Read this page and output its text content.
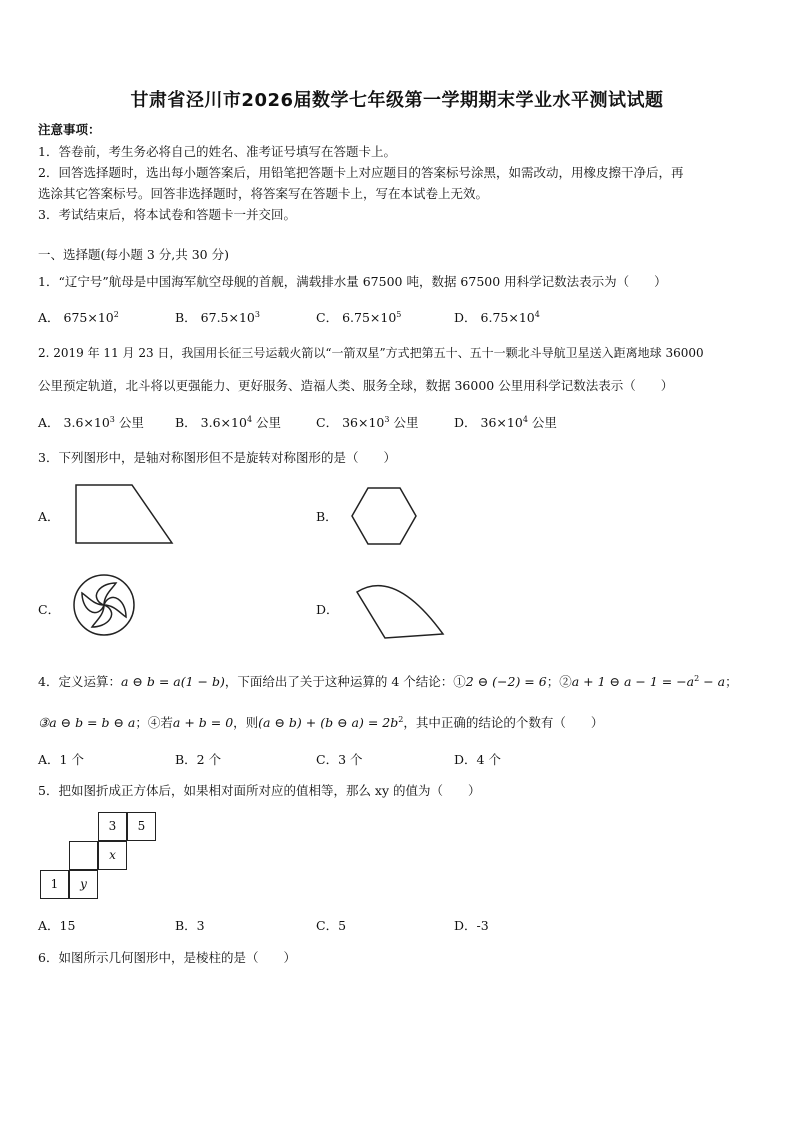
甘肃省泾川市2026届数学七年级第一学期期末学业水平测试试题
注意事项：
1．答卷前，考生务必将自己的姓名、准考证号填写在答题卡上。
2．回答选择题时，选出每小题答案后，用铅笔把答题卡上对应题目的答案标号涂黑，如需改动，用橡皮擦干净后，再
选涂其它答案标号。回答非选择题时，将答案写在答题卡上，写在本试卷上无效。
3．考试结束后，将本试卷和答题卡一并交回。
一、选择题(每小题 3 分,共 30 分)
1．“辽宁号”航母是中国海军航空母舰的首舰，满载排水量 67500 吨，数据 67500 用科学记数法表示为（　　）
A． $675\times 10^2$	B． $67.5\times 10^3$	C． $6.75\times 10^5$	D． $6.75\times 10^4$
2. 2019 年 11 月 23 日，我国用长征三号运载火箭以“一箭双星”方式把第五十、五十一颗北斗导航卫星送入距离地球 36000
公里预定轨道，北斗将以更强能力、更好服务、造福人类、服务全球，数据 36000 公里用科学记数法表示（　　）
A． $3.6\times 10^3$ 公里 B． $3.6\times 10^4$ 公里	C． $36\times 10^3$ 公里	D． $36\times 10^4$ 公里
3．下列图形中，是轴对称图形但不是旋转对称图形的是（　　）
A．	B．
C．	D．
4．定义运算：a ⊖ b = a(1 − b)，下面给出了关于这种运算的 4 个结论：①2 ⊖ (−2) = 6；②a + 1 ⊖ $a - 1 = -a^2 - a$；
③a ⊖ b = b ⊖ a；④若a + b = 0，则(a ⊖ b) + (b ⊖ $a) = 2b^2$，其中正确的结论的个数有（　　）
A．1 个	B．2 个	C．3 个	D．4 个
5．把如图折成正方体后，如果相对面所对应的值相等，那么 xy 的值为（　　）
3	5
x
1	y
A．15	B．3	C．5	D．-3
6．如图所示几何图形中，是棱柱的是（　　）
